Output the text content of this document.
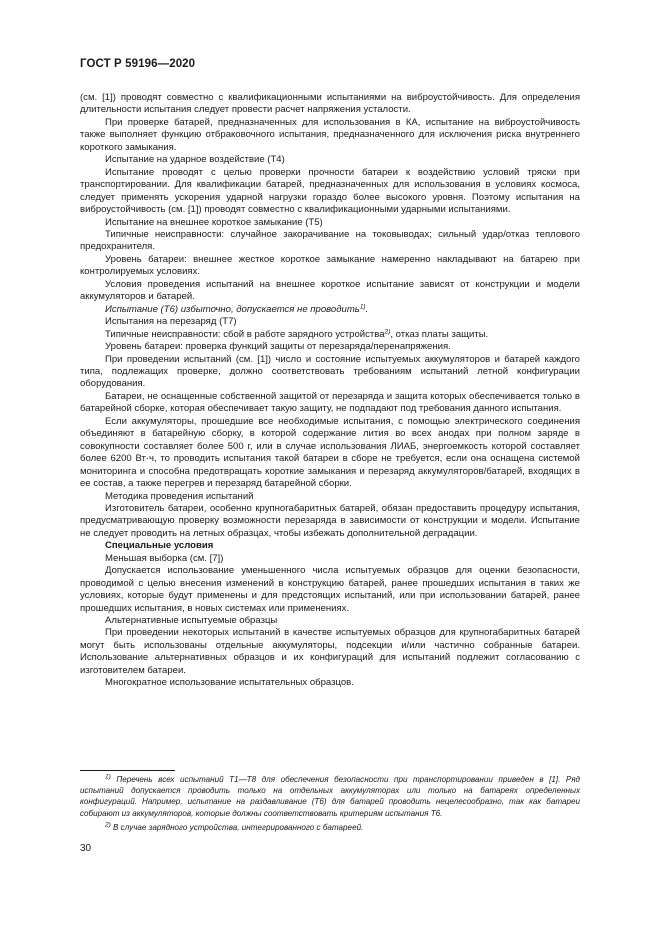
ГОСТ Р 59196—2020

(см. [1]) проводят совместно с квалификационными испытаниями на виброустойчивость. Для определения длительности испытания следует провести расчет напряжения усталости.

При проверке батарей, предназначенных для использования в КА, испытание на виброустойчивость также выполняет функцию отбраковочного испытания, предназначенного для исключения риска внутреннего короткого замыкания.

Испытание на ударное воздействие (Т4)

Испытание проводят с целью проверки прочности батареи к воздействию условий тряски при транспортировании. Для квалификации батарей, предназначенных для использования в условиях космоса, следует применять ускорения ударной нагрузки гораздо более высокого уровня. Поэтому испытания на виброустойчивость (см. [1]) проводят совместно с квалификационными ударными испытаниями.

Испытание на внешнее короткое замыкание (Т5)

Типичные неисправности: случайное закорачивание на токовыводах; сильный удар/отказ теплового предохранителя.

Уровень батареи: внешнее жесткое короткое замыкание намеренно накладывают на батарею при контролируемых условиях.

Условия проведения испытаний на внешнее короткое испытание зависят от конструкции и модели аккумуляторов и батарей.

Испытание (Т6) избыточно, допускается не проводить$^{1)}$.

Испытания на перезаряд (Т7)

Типичные неисправности: сбой в работе зарядного устройства$^{2)}$, отказ платы защиты.

Уровень батареи: проверка функций защиты от перезаряда/перенапряжения.

При проведении испытаний (см. [1]) число и состояние испытуемых аккумуляторов и батарей каждого типа, подлежащих проверке, должно соответствовать требованиям испытаний летной конфигурации оборудования.

Батареи, не оснащенные собственной защитой от перезаряда и защита которых обеспечивается только в батарейной сборке, которая обеспечивает такую защиту, не подпадают под требования данного испытания.

Если аккумуляторы, прошедшие все необходимые испытания, с помощью электрического соединения объединяют в батарейную сборку, в которой содержание лития во всех анодах при полном заряде в совокупности составляет более 500 г, или в случае использования ЛИАБ, энергоемкость которой составляет более 6200 Вт·ч, то проводить испытания такой батареи в сборе не требуется, если она оснащена системой мониторинга и способна предотвращать короткие замыкания и перезаряд аккумуляторов/батарей, входящих в ее состав, а также перегрев и перезаряд батарейной сборки.

Методика проведения испытаний

Изготовитель батареи, особенно крупногабаритных батарей, обязан предоставить процедуру испытания, предусматривающую проверку возможности перезаряда в зависимости от конструкции и модели. Испытание не следует проводить на летных образцах, чтобы избежать дополнительной деградации.

Специальные условия

Меньшая выборка (см. [7])

Допускается использование уменьшенного числа испытуемых образцов для оценки безопасности, проводимой с целью внесения изменений в конструкцию батарей, ранее прошедших испытания в таких же условиях, которые будут применены и для предстоящих испытаний, или при использовании батарей, ранее прошедших испытания, в новых системах или применениях.

Альтернативные испытуемые образцы

При проведении некоторых испытаний в качестве испытуемых образцов для крупногабаритных батарей могут быть использованы отдельные аккумуляторы, подсекции и/или частично собранные батареи. Использование альтернативных образцов и их конфигураций для испытаний подлежит согласованию с изготовителем батареи.

Многократное использование испытательных образцов.

$^{1)}$ Перечень всех испытаний Т1—Т8 для обеспечения безопасности при транспортировании приведен в [1]. Ряд испытаний допускается проводить только на отдельных аккумуляторах или только на батареях определенных конфигураций. Например, испытание на раздавливание (Т6) для батарей проводить нецелесообразно, так как батареи собирают из аккумуляторов, которые должны соответствовать критериям испытания Т6.

$^{2)}$ В случае зарядного устройства, интегрированного с батареей.

30
